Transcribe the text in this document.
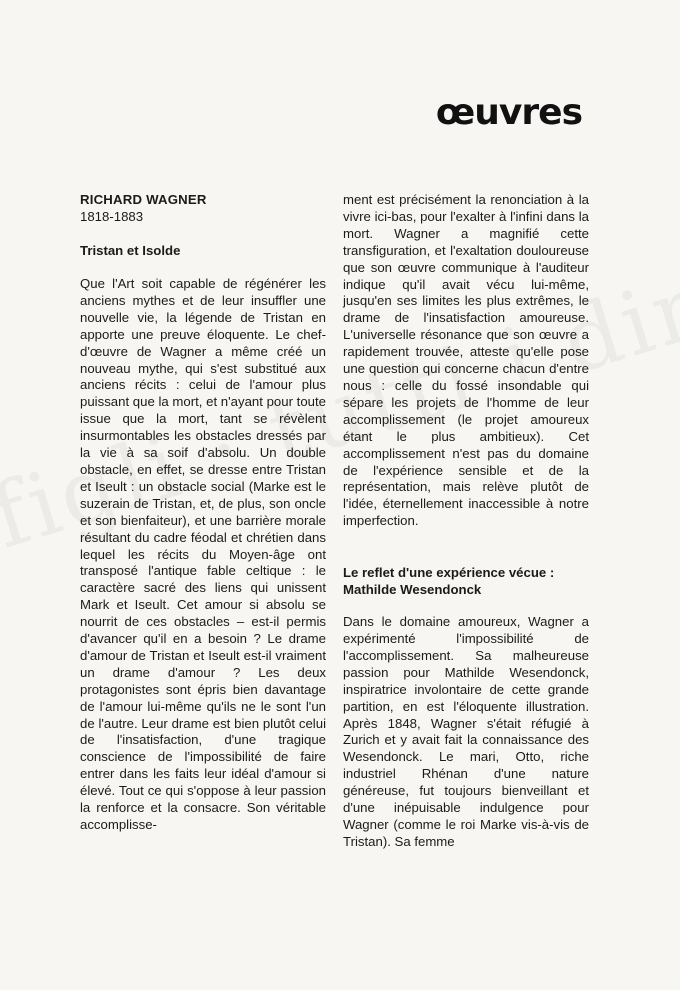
œuvres
RICHARD WAGNER
1818-1883
Tristan et Isolde

Que l'Art soit capable de régénérer les anciens mythes et de leur insuffler une nouvelle vie, la légende de Tristan en apporte une preuve éloquente. Le chef-d'œuvre de Wagner a même créé un nouveau mythe, qui s'est substitué aux anciens récits : celui de l'amour plus puissant que la mort, et n'ayant pour toute issue que la mort, tant se révèlent insurmontables les obstacles dressés par la vie à sa soif d'absolu. Un double obstacle, en effet, se dresse entre Tristan et Iseult : un obstacle social (Marke est le suzerain de Tristan, et, de plus, son oncle et son bienfaiteur), et une barrière morale résultant du cadre féodal et chrétien dans lequel les récits du Moyen-âge ont transposé l'antique fable celtique : le caractère sacré des liens qui unissent Mark et Iseult. Cet amour si absolu se nourrit de ces obstacles – est-il permis d'avancer qu'il en a besoin ? Le drame d'amour de Tristan et Iseult est-il vraiment un drame d'amour ? Les deux protagonistes sont épris bien davantage de l'amour lui-même qu'ils ne le sont l'un de l'autre. Leur drame est bien plutôt celui de l'insatisfaction, d'une tragique conscience de l'impossibilité de faire entrer dans les faits leur idéal d'amour si élevé. Tout ce qui s'oppose à leur passion la renforce et la consacre. Son véritable accomplisse-

ment est précisément la renonciation à la vivre ici-bas, pour l'exalter à l'infini dans la mort. Wagner a magnifié cette transfiguration, et l'exaltation douloureuse que son œuvre communique à l'auditeur indique qu'il avait vécu lui-même, jusqu'en ses limites les plus extrêmes, le drame de l'insatisfaction amoureuse. L'universelle résonance que son œuvre a rapidement trouvée, atteste qu'elle pose une question qui concerne chacun d'entre nous : celle du fossé insondable qui sépare les projets de l'homme de leur accomplissement (le projet amoureux étant le plus ambitieux). Cet accomplissement n'est pas du domaine de l'expérience sensible et de la représentation, mais relève plutôt de l'idée, éternellement inaccessible à notre imperfection.

Le reflet d'une expérience vécue : Mathilde Wesendonck

Dans le domaine amoureux, Wagner a expérimenté l'impossibilité de l'accomplissement. Sa malheureuse passion pour Mathilde Wesendonck, inspiratrice involontaire de cette grande partition, en est l'éloquente illustration. Après 1848, Wagner s'était réfugié à Zurich et y avait fait la connaissance des Wesendonck. Le mari, Otto, riche industriel Rhénan d'une nature généreuse, fut toujours bienveillant et d'une inépuisable indulgence pour Wagner (comme le roi Marke vis-à-vis de Tristan). Sa femme
